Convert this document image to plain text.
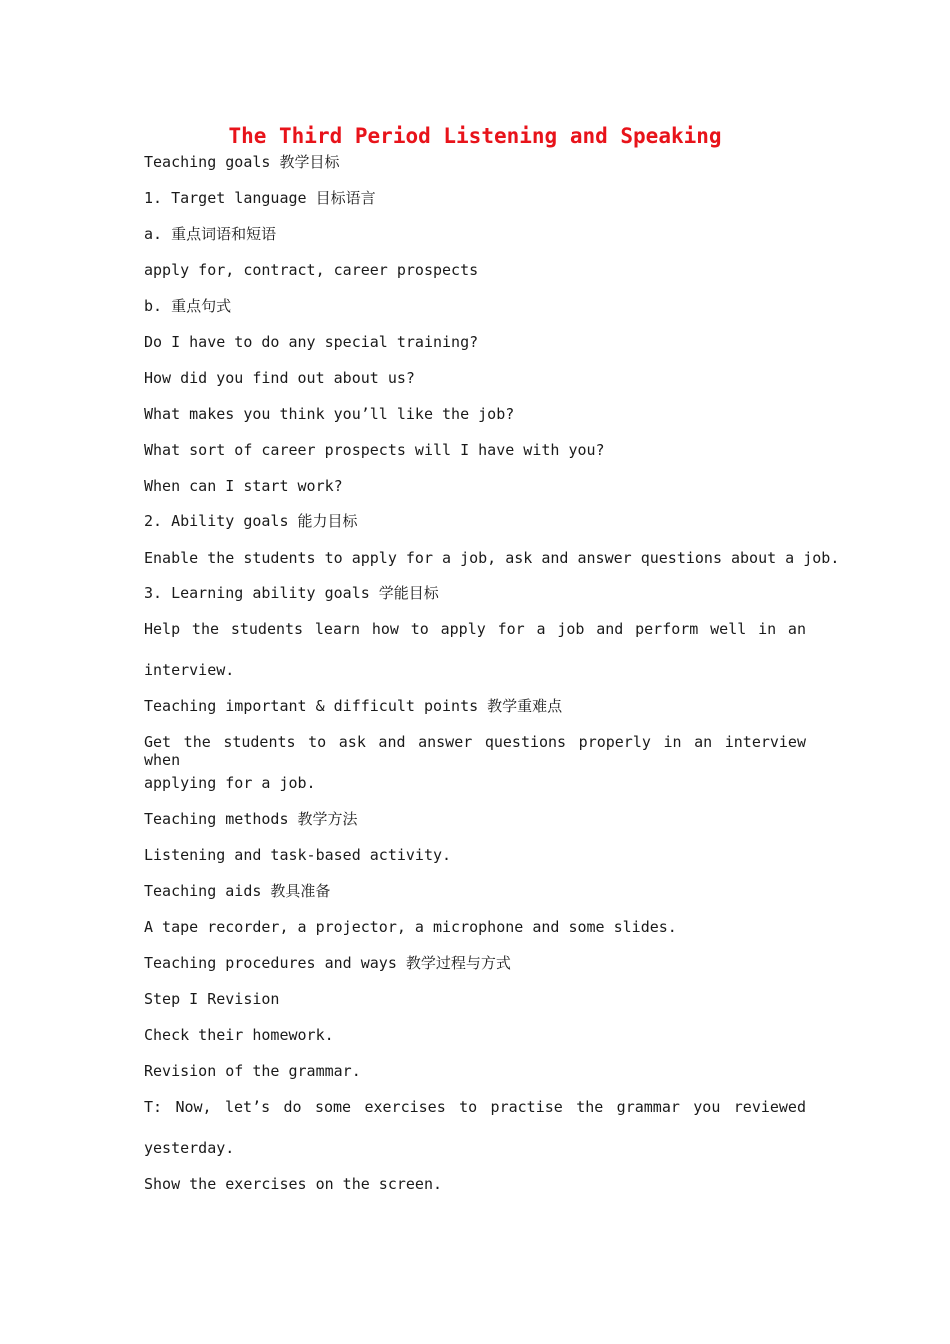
The Third Period Listening and Speaking
Teaching goals 教学目标
1. Target language 目标语言
a. 重点词语和短语
apply for, contract, career prospects
b. 重点句式
Do I have to do any special training?
How did you find out about us?
What makes you think you’ll like the job?
What sort of career prospects will I have with you?
When can I start work?
2. Ability goals 能力目标
Enable the students to apply for a job, ask and answer questions about a job.
3. Learning ability goals 学能目标
Help the students learn how to apply for a job and perform well in an
interview.
Teaching important & difficult points 教学重难点
Get the students to ask and answer questions properly in an interview when
applying for a job.
Teaching methods 教学方法
Listening and task-based activity.
Teaching aids 教具准备
A tape recorder, a projector, a microphone and some slides.
Teaching procedures and ways 教学过程与方式
Step I Revision
Check their homework.
Revision of the grammar.
T: Now, let’s do some exercises to practise the grammar you reviewed
yesterday.
Show the exercises on the screen.
